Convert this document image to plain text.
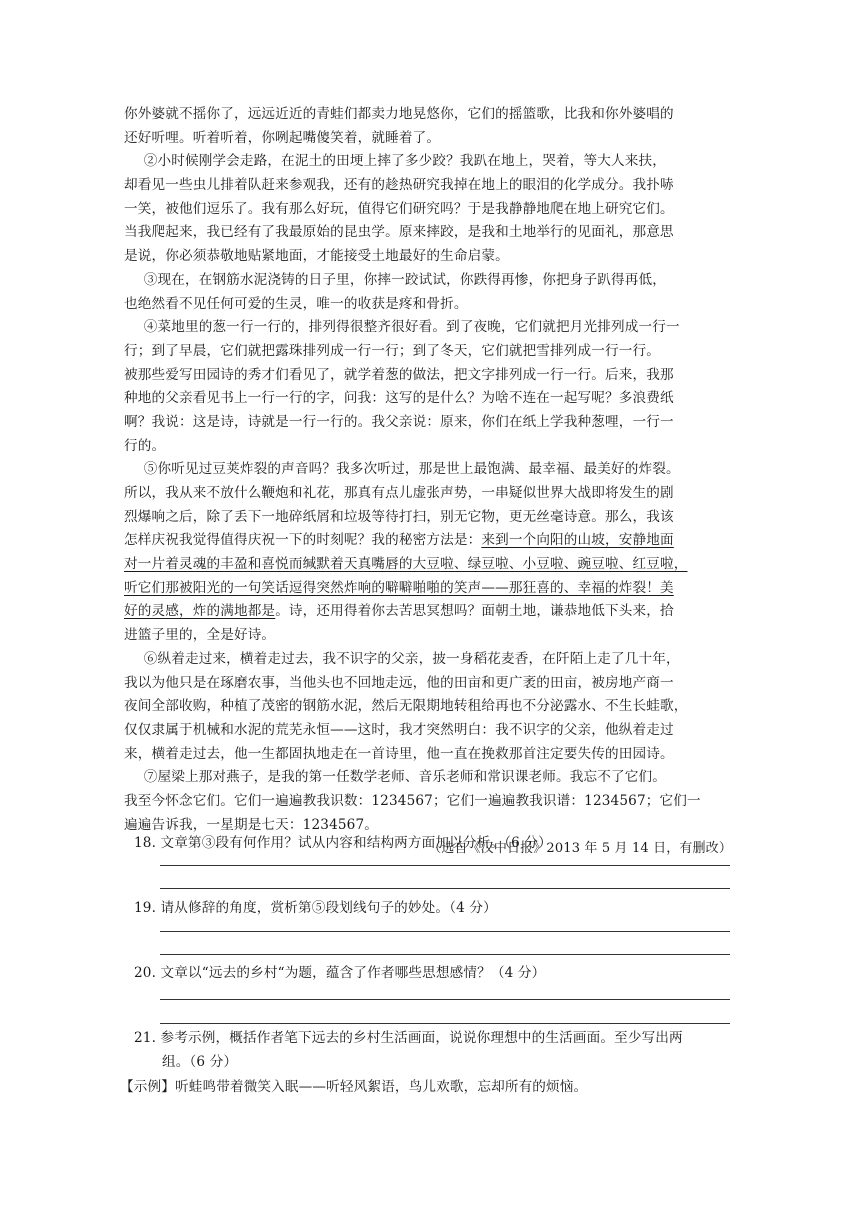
你外婆就不摇你了，远远近近的青蛙们都卖力地晃悠你，它们的摇篮歌，比我和你外婆唱的
还好听哩。听着听着，你咧起嘴傻笑着，就睡着了。
②小时候刚学会走路，在泥土的田埂上摔了多少跤？我趴在地上，哭着，等大人来扶，
却看见一些虫儿排着队赶来参观我，还有的趁热研究我掉在地上的眼泪的化学成分。我扑哧
一笑，被他们逗乐了。我有那么好玩，值得它们研究吗？于是我静静地爬在地上研究它们。
当我爬起来，我已经有了我最原始的昆虫学。原来摔跤，是我和土地举行的见面礼，那意思
是说，你必须恭敬地贴紧地面，才能接受土地最好的生命启蒙。
③现在，在钢筋水泥浇铸的日子里，你摔一跤试试，你跌得再惨，你把身子趴得再低，
也绝然看不见任何可爱的生灵，唯一的收获是疼和骨折。
④菜地里的葱一行一行的，排列得很整齐很好看。到了夜晚，它们就把月光排列成一行一
行；到了早晨，它们就把露珠排列成一行一行；到了冬天，它们就把雪排列成一行一行。
被那些爱写田园诗的秀才们看见了，就学着葱的做法，把文字排列成一行一行。后来，我那
种地的父亲看见书上一行一行的字，问我：这写的是什么？为啥不连在一起写呢？多浪费纸
啊？我说：这是诗，诗就是一行一行的。我父亲说：原来，你们在纸上学我种葱哩，一行一
行的。
⑤你听见过豆荚炸裂的声音吗？我多次听过，那是世上最饱满、最幸福、最美好的炸裂。
所以，我从来不放什么鞭炮和礼花，那真有点儿虚张声势，一串疑似世界大战即将发生的剧
烈爆响之后，除了丢下一地碎纸屑和垃圾等待打扫，别无它物，更无丝毫诗意。那么，我该
怎样庆祝我觉得值得庆祝一下的时刻呢？我的秘密方法是：来到一个向阳的山坡，安静地面
对一片着灵魂的丰盈和喜悦而缄默着天真嘴唇的大豆啦、绿豆啦、小豆啦、豌豆啦、红豆啦，
听它们那被阳光的一句笑话逗得突然炸响的噼噼啪啪的笑声——那狂喜的、幸福的炸裂！美
好的灵感，炸的满地都是。诗，还用得着你去苦思冥想吗？面朝土地，谦恭地低下头来，拾
进篮子里的，全是好诗。
⑥纵着走过来，横着走过去，我不识字的父亲，披一身稻花麦香，在阡陌上走了几十年，
我以为他只是在琢磨农事，当他头也不回地走远，他的田亩和更广袤的田亩，被房地产商一
夜间全部收购，种植了茂密的钢筋水泥，然后无限期地转租给再也不分泌露水、不生长蛙歌，
仅仅隶属于机械和水泥的荒芜永恒——这时，我才突然明白：我不识字的父亲，他纵着走过
来，横着走过去，他一生都固执地走在一首诗里，他一直在挽救那首注定要失传的田园诗。
⑦屋梁上那对燕子，是我的第一任数学老师、音乐老师和常识课老师。我忘不了它们。
我至今怀念它们。它们一遍遍教我识数：1234567；它们一遍遍教我识谱：1234567；它们一
遍遍告诉我，一星期是七天：1234567。
（选自《汉中日报》2013 年 5 月 14 日，有删改）
18. 文章第③段有何作用？试从内容和结构两方面加以分析。（6 分）
19. 请从修辞的角度，赏析第⑤段划线句子的妙处。（4 分）
20. 文章以“远去的乡村“为题，蕴含了作者哪些思想感情？（4 分）
21. 参考示例，概括作者笔下远去的乡村生活画面，说说你理想中的生活画面。至少写出两
组。（6 分）
【示例】听蛙鸣带着微笑入眠——听轻风絮语，鸟儿欢歌，忘却所有的烦恼。
